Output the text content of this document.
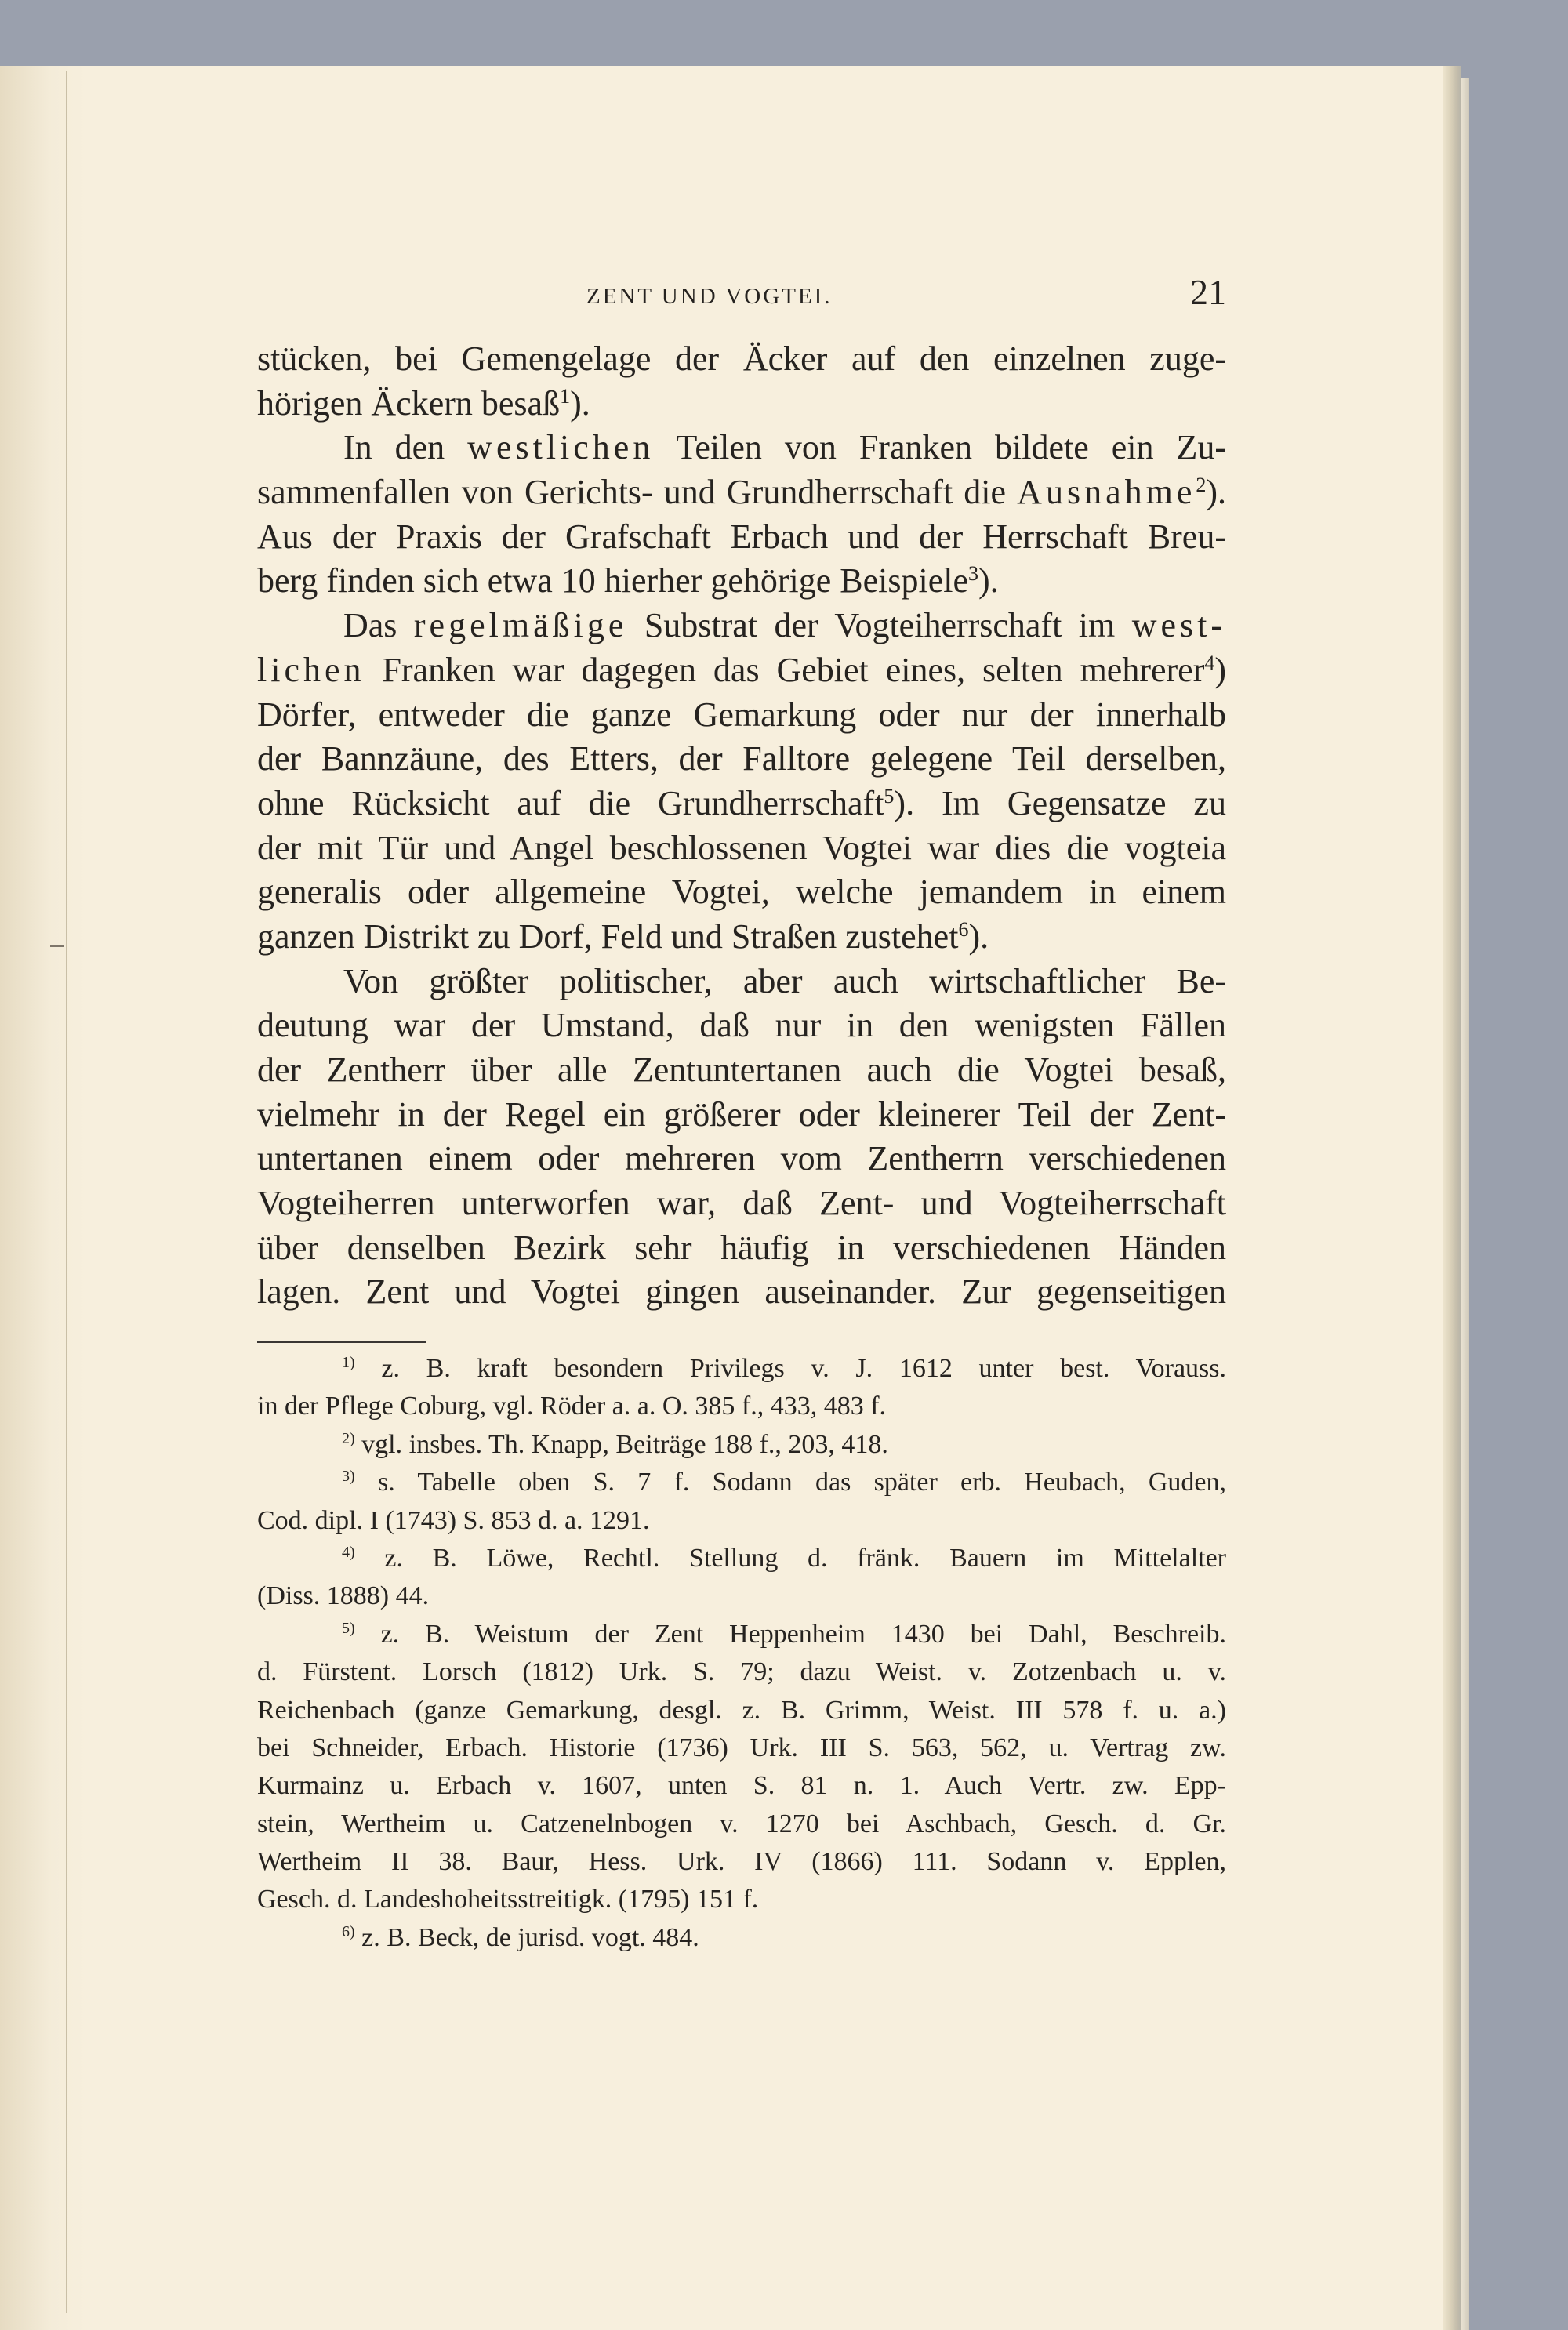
ZENT UND VOGTEI.	21
stücken, bei Gemengelage der Äcker auf den einzelnen zuge-
hörigen Äckern besaß$^1$).
In den westlichen Teilen von Franken bildete ein Zu-
sammenfallen von Gerichts- und Grundherrschaft die Ausnahme$^2$).
Aus der Praxis der Grafschaft Erbach und der Herrschaft Breu-
berg finden sich etwa 10 hierher gehörige Beispiele$^3$).
Das regelmäßige Substrat der Vogteiherrschaft im west-
lichen Franken war dagegen das Gebiet eines, selten mehrerer$^4$)
Dörfer, entweder die ganze Gemarkung oder nur der innerhalb
der Bannzäune, des Etters, der Falltore gelegene Teil derselben,
ohne Rücksicht auf die Grundherrschaft$^5$). Im Gegensatze zu
der mit Tür und Angel beschlossenen Vogtei war dies die vogteia
generalis oder allgemeine Vogtei, welche jemandem in einem
ganzen Distrikt zu Dorf, Feld und Straßen zustehet$^6$).
Von größter politischer, aber auch wirtschaftlicher Be-
deutung war der Umstand, daß nur in den wenigsten Fällen
der Zentherr über alle Zentuntertanen auch die Vogtei besaß,
vielmehr in der Regel ein größerer oder kleinerer Teil der Zent-
untertanen einem oder mehreren vom Zentherrn verschiedenen
Vogteiherren unterworfen war, daß Zent- und Vogteiherrschaft
über denselben Bezirk sehr häufig in verschiedenen Händen
lagen. Zent und Vogtei gingen auseinander. Zur gegenseitigen
$^{1)}$ z. B. kraft besondern Privilegs v. J. 1612 unter best. Vorauss.
in der Pflege Coburg, vgl. Röder a. a. O. 385 f., 433, 483 f.
$^{2)}$ vgl. insbes. Th. Knapp, Beiträge 188 f., 203, 418.
$^{3)}$ s. Tabelle oben S. 7 f. Sodann das später erb. Heubach, Guden,
Cod. dipl. I (1743) S. 853 d. a. 1291.
$^{4)}$ z. B. Löwe, Rechtl. Stellung d. fränk. Bauern im Mittelalter
(Diss. 1888) 44.
$^{5)}$ z. B. Weistum der Zent Heppenheim 1430 bei Dahl, Beschreib.
d. Fürstent. Lorsch (1812) Urk. S. 79; dazu Weist. v. Zotzenbach u. v.
Reichenbach (ganze Gemarkung, desgl. z. B. Grimm, Weist. III 578 f. u. a.)
bei Schneider, Erbach. Historie (1736) Urk. III S. 563, 562, u. Vertrag zw.
Kurmainz u. Erbach v. 1607, unten S. 81 n. 1. Auch Vertr. zw. Epp-
stein, Wertheim u. Catzenelnbogen v. 1270 bei Aschbach, Gesch. d. Gr.
Wertheim II 38. Baur, Hess. Urk. IV (1866) 111. Sodann v. Epplen,
Gesch. d. Landeshoheitsstreitigk. (1795) 151 f.
$^{6)}$ z. B. Beck, de jurisd. vogt. 484.
